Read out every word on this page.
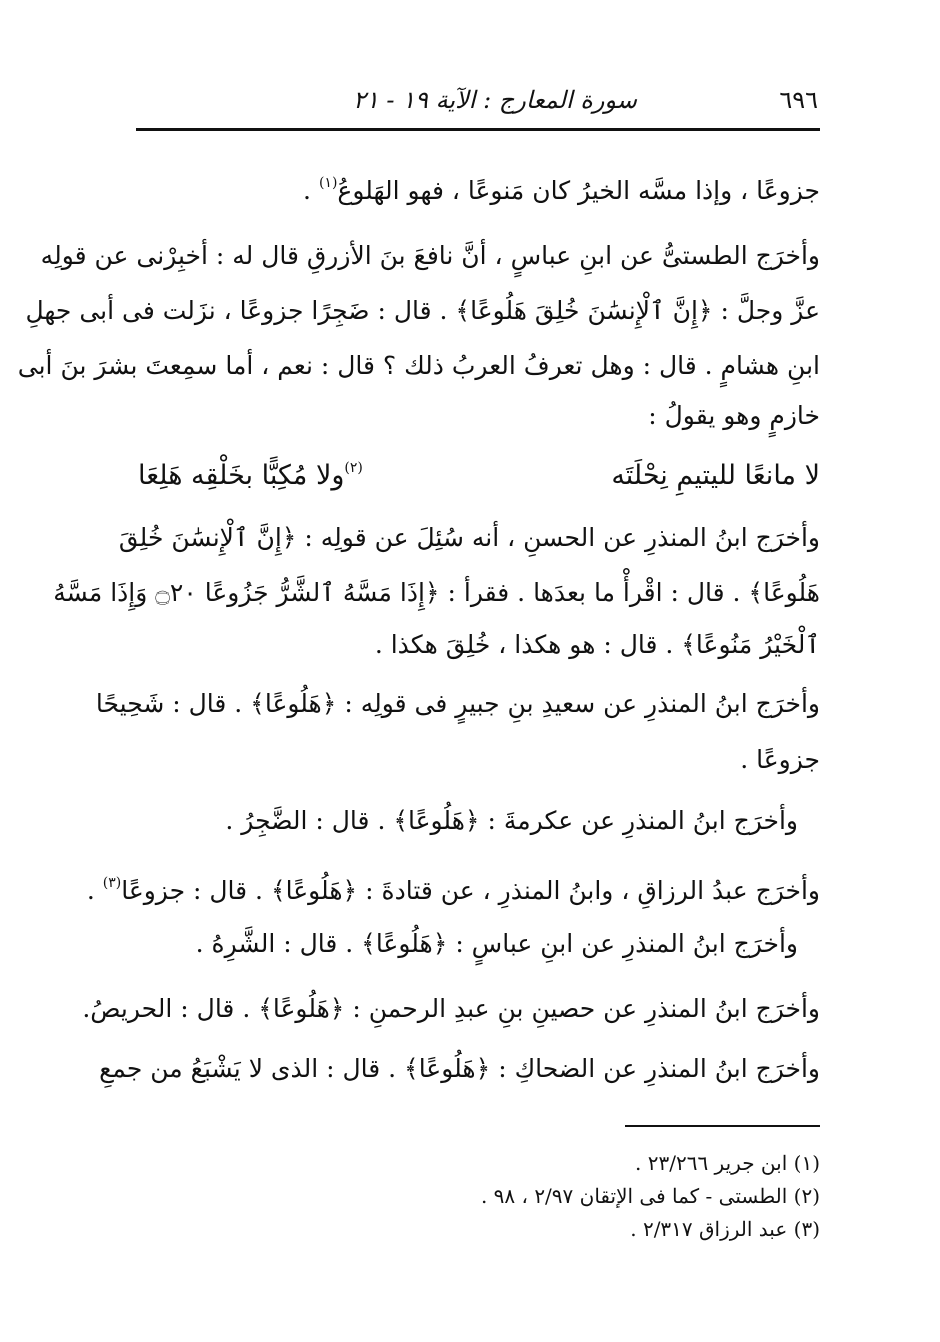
٦٩٦
سورة المعارج : الآية ١٩ - ٢١
جزوعًا ، وإذا مسَّه الخيرُ كان مَنوعًا ، فهو الهَلوعُ$^{(١)}$ .
وأخرَج الطستىُّ عن ابنِ عباسٍ ، أنَّ نافعَ بنَ الأزرقِ قال له : أخبِرْنى عن قولِه
عزَّ وجلَّ : ﴿إِنَّ ٱلْإِنسَٰنَ خُلِقَ هَلُوعًا﴾ . قال : ضَجِرًا جزوعًا ، نزَلت فى أبى جهلِ
ابنِ هشامٍ . قال : وهل تعرفُ العربُ ذلك ؟ قال : نعم ، أما سمِعتَ بشرَ بنَ أبى
خازمٍ وهو يقولُ :
لا مانعًا لليتيمِ نِحْلَتَه
$^{(٢)}$ولا مُكِبًّا بخَلْقِه هَلِعَا
وأخرَج ابنُ المنذرِ عن الحسنِ ، أنه سُئِلَ عن قولِه : ﴿إِنَّ ٱلْإِنسَٰنَ خُلِقَ
هَلُوعًا﴾ . قال : اقْرأْ ما بعدَها . فقرأ : ﴿إِذَا مَسَّهُ ٱلشَّرُّ جَزُوعًا ۝٢٠ وَإِذَا مَسَّهُ
ٱلْخَيْرُ مَنُوعًا﴾ . قال : هو هكذا ، خُلِقَ هكذا .
وأخرَج ابنُ المنذرِ عن سعيدِ بنِ جبيرٍ فى قولِه : ﴿هَلُوعًا﴾ . قال : شَحِيحًا
جزوعًا .
وأخرَج ابنُ المنذرِ عن عكرمةَ : ﴿هَلُوعًا﴾ . قال : الضَّجِرُ .
وأخرَج عبدُ الرزاقِ ، وابنُ المنذرِ ، عن قتادةَ : ﴿هَلُوعًا﴾ . قال : جزوعًا$^{(٣)}$ .
وأخرَج ابنُ المنذرِ عن ابنِ عباسٍ : ﴿هَلُوعًا﴾ . قال : الشَّرِهُ .
وأخرَج ابنُ المنذرِ عن حصينِ بنِ عبدِ الرحمنِ : ﴿هَلُوعًا﴾ . قال : الحريصُ.
وأخرَج ابنُ المنذرِ عن الضحاكِ : ﴿هَلُوعًا﴾ . قال : الذى لا يَشْبَعُ من جمعِ
(١) ابن جرير ٢٣/٢٦٦ .
(٢) الطستى - كما فى الإتقان ٢/٩٧ ، ٩٨ .
(٣) عبد الرزاق ٢/٣١٧ .
